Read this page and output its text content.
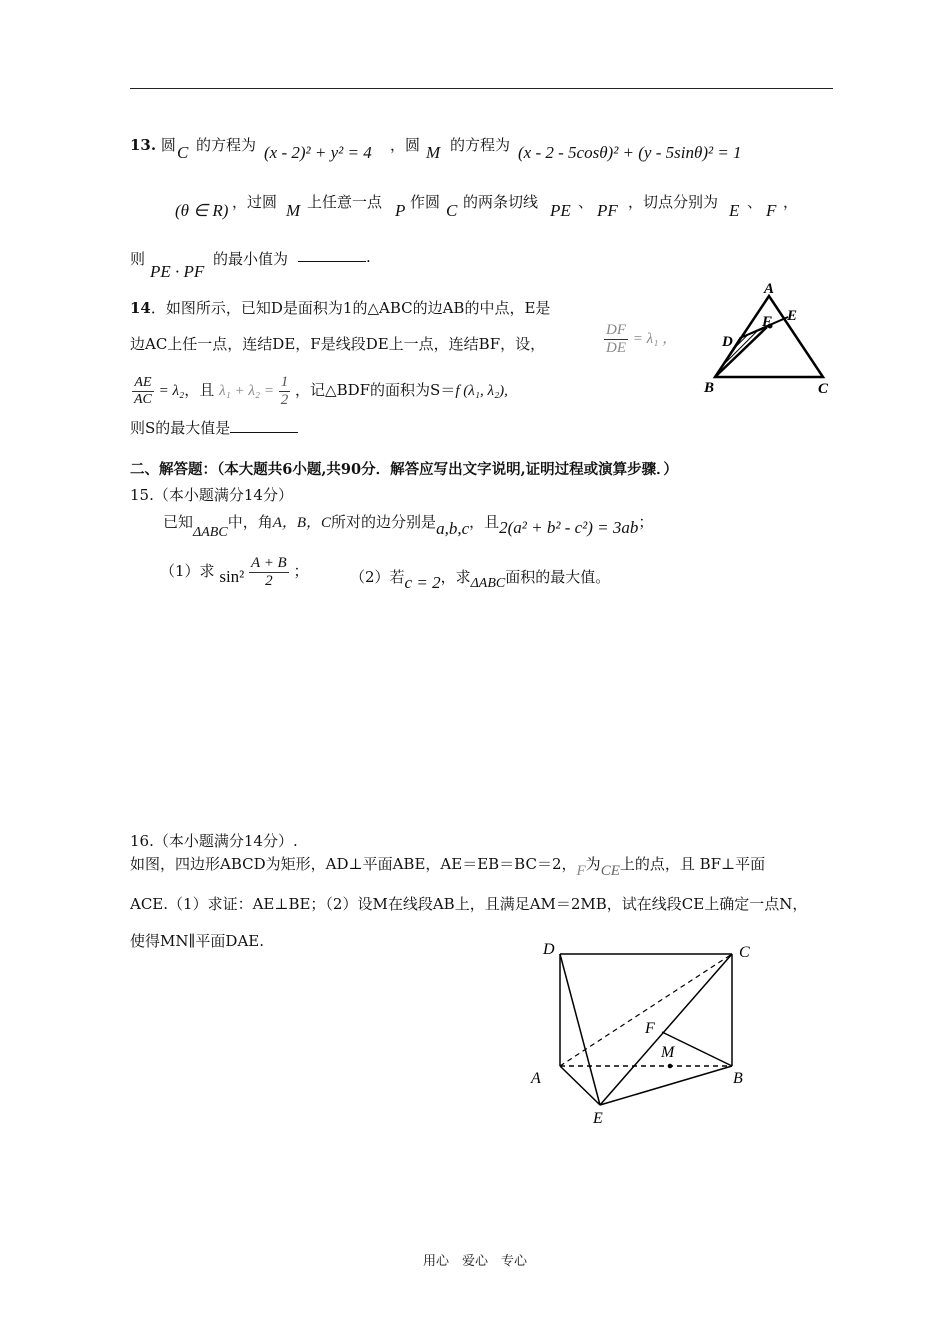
13. 圆 C 的方程为 (x - 2)² + y² = 4 ，圆 M 的方程为 (x - 2 - 5cosθ)² + (y - 5sinθ)² = 1
(θ ∈ R) ，过圆 M 上任意一点 P 作圆 C 的两条切线 PE 、 PF ，切点分别为 E 、 F ，
则
PE · PF
的最小值为	.
14．如图所示，已知D是面积为1的△ABC的边AB的中点，E是
边AC上任一点，连结DE，F是线段DE上一点，连结BF，设，	$\frac{DF}{DE} = \lambda_1$ ，
$\frac{AE}{AC} = \lambda_2$，且 $\lambda_1 + \lambda_2 = \frac{1}{2}$ ，记△BDF的面积为S＝f (λ₁, λ₂),
则S的最大值是
A
B	C
D
E
F
二、解答题：（本大题共6小题,共90分．解答应写出文字说明,证明过程或演算步骤．）
15.（本小题满分14分）
已知ΔABC中，角A，B，C所对的边分别是a,b,c，且2(a² + b² - c²) = 3ab；
（1）求 $\sin^2 \frac{A + B}{2}$ ；	（2）若c = 2，求ΔABC面积的最大值。
16.（本小题满分14分）.
如图，四边形ABCD为矩形，AD⊥平面ABE，AE＝EB＝BC＝2，F为CE上的点，且 BF⊥平面
ACE.（1）求证：AE⊥BE；（2）设M在线段AB上，且满足AM＝2MB，试在线段CE上确定一点N，
使得MN∥平面DAE.	D	C
F
M
A	B
E
用心　爱心　专心
